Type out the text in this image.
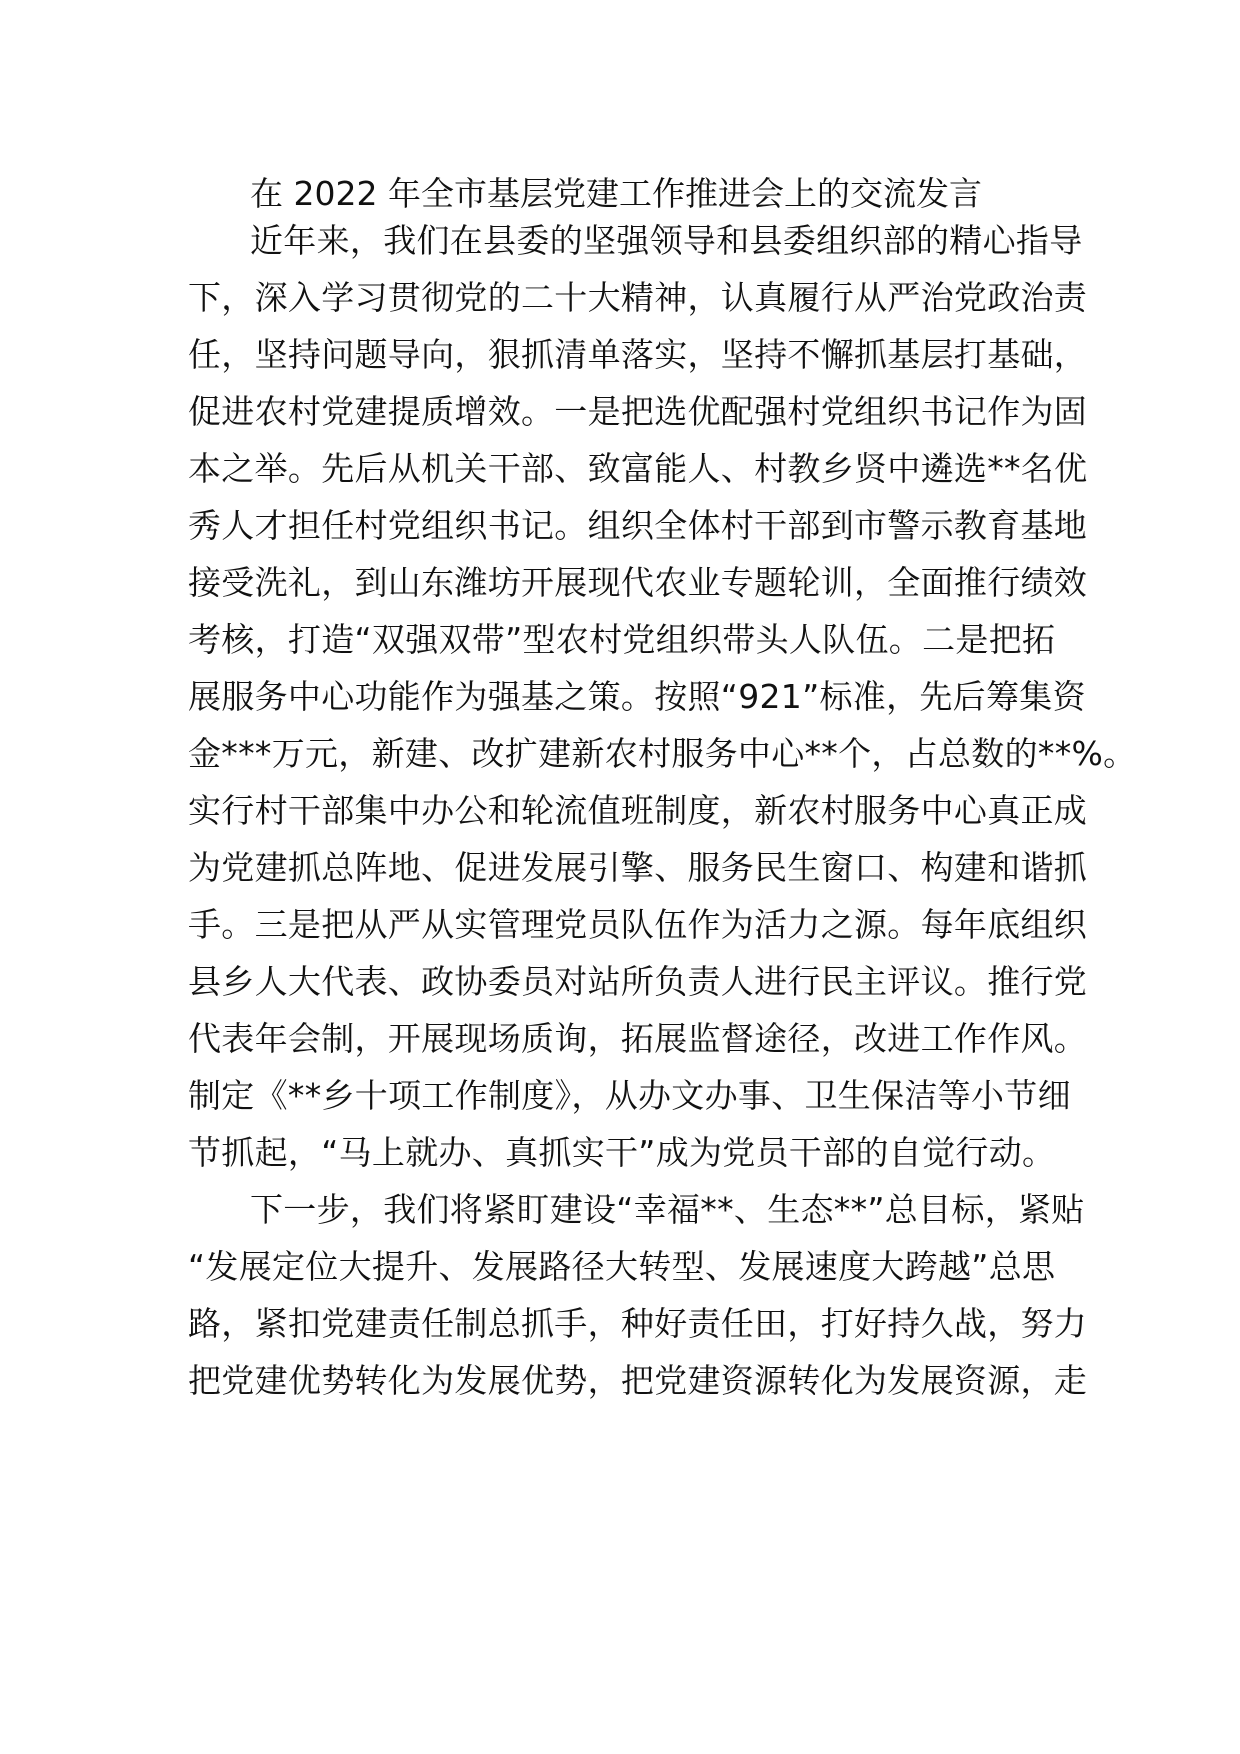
在 2022 年全市基层党建工作推进会上的交流发言
近年来，我们在县委的坚强领导和县委组织部的精心指导
下，深入学习贯彻党的二十大精神，认真履行从严治党政治责
任，坚持问题导向，狠抓清单落实，坚持不懈抓基层打基础，
促进农村党建提质增效。一是把选优配强村党组织书记作为固
本之举。先后从机关干部、致富能人、村教乡贤中遴选**名优
秀人才担任村党组织书记。组织全体村干部到市警示教育基地
接受洗礼，到山东潍坊开展现代农业专题轮训，全面推行绩效
考核，打造“双强双带”型农村党组织带头人队伍。二是把拓
展服务中心功能作为强基之策。按照“921”标准，先后筹集资
金***万元，新建、改扩建新农村服务中心**个，占总数的**%。
实行村干部集中办公和轮流值班制度，新农村服务中心真正成
为党建抓总阵地、促进发展引擎、服务民生窗口、构建和谐抓
手。三是把从严从实管理党员队伍作为活力之源。每年底组织
县乡人大代表、政协委员对站所负责人进行民主评议。推行党
代表年会制，开展现场质询，拓展监督途径，改进工作作风。
制定《**乡十项工作制度》，从办文办事、卫生保洁等小节细
节抓起，“马上就办、真抓实干”成为党员干部的自觉行动。
下一步，我们将紧盯建设“幸福**、生态**”总目标，紧贴
“发展定位大提升、发展路径大转型、发展速度大跨越”总思
路，紧扣党建责任制总抓手，种好责任田，打好持久战，努力
把党建优势转化为发展优势，把党建资源转化为发展资源，走
